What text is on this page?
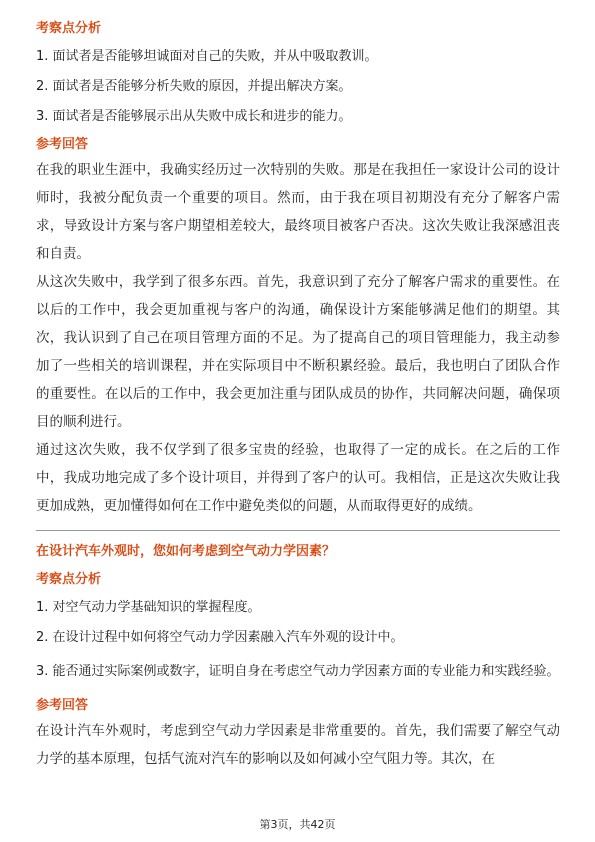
考察点分析
1. 面试者是否能够坦诚面对自己的失败，并从中吸取教训。
2. 面试者是否能够分析失败的原因，并提出解决方案。
3. 面试者是否能够展示出从失败中成长和进步的能力。
参考回答

在我的职业生涯中，我确实经历过一次特别的失败。那是在我担任一家设计公司的设计师时，我被分配负责一个重要的项目。然而，由于我在项目初期没有充分了解客户需求，导致设计方案与客户期望相差较大，最终项目被客户否决。这次失败让我深感沮丧和自责。

从这次失败中，我学到了很多东西。首先，我意识到了充分了解客户需求的重要性。在以后的工作中，我会更加重视与客户的沟通，确保设计方案能够满足他们的期望。其次，我认识到了自己在项目管理方面的不足。为了提高自己的项目管理能力，我主动参加了一些相关的培训课程，并在实际项目中不断积累经验。最后，我也明白了团队合作的重要性。在以后的工作中，我会更加注重与团队成员的协作，共同解决问题，确保项目的顺利进行。

通过这次失败，我不仅学到了很多宝贵的经验，也取得了一定的成长。在之后的工作中，我成功地完成了多个设计项目，并得到了客户的认可。我相信，正是这次失败让我更加成熟，更加懂得如何在工作中避免类似的问题，从而取得更好的成绩。

在设计汽车外观时，您如何考虑到空气动力学因素？
考察点分析
1. 对空气动力学基础知识的掌握程度。
2. 在设计过程中如何将空气动力学因素融入汽车外观的设计中。
3. 能否通过实际案例或数字，证明自身在考虑空气动力学因素方面的专业能力和实践经验。
参考回答

在设计汽车外观时，考虑到空气动力学因素是非常重要的。首先，我们需要了解空气动力学的基本原理，包括气流对汽车的影响以及如何减小空气阻力等。其次，在

第3页，共42页
